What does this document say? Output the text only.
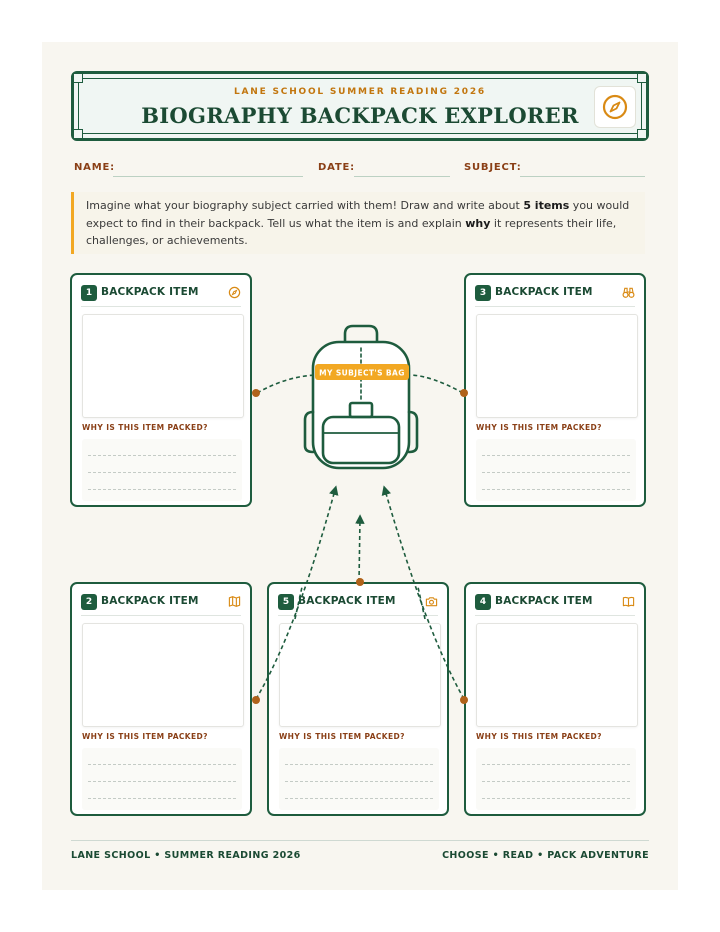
LANE SCHOOL SUMMER READING 2026
BIOGRAPHY BACKPACK EXPLORER
NAME:	DATE:	SUBJECT:

Imagine what your biography subject carried with them! Draw and write about 5 items you would expect to find in their backpack. Tell us what the item is and explain why it represents their life, challenges, or achievements.

1 BACKPACK ITEM
WHY IS THIS ITEM PACKED?
3 BACKPACK ITEM
WHY IS THIS ITEM PACKED?
2 BACKPACK ITEM
WHY IS THIS ITEM PACKED?
5 BACKPACK ITEM
WHY IS THIS ITEM PACKED?
4 BACKPACK ITEM
WHY IS THIS ITEM PACKED?
MY SUBJECT'S BAG
LANE SCHOOL • SUMMER READING 2026	CHOOSE • READ • PACK ADVENTURE
